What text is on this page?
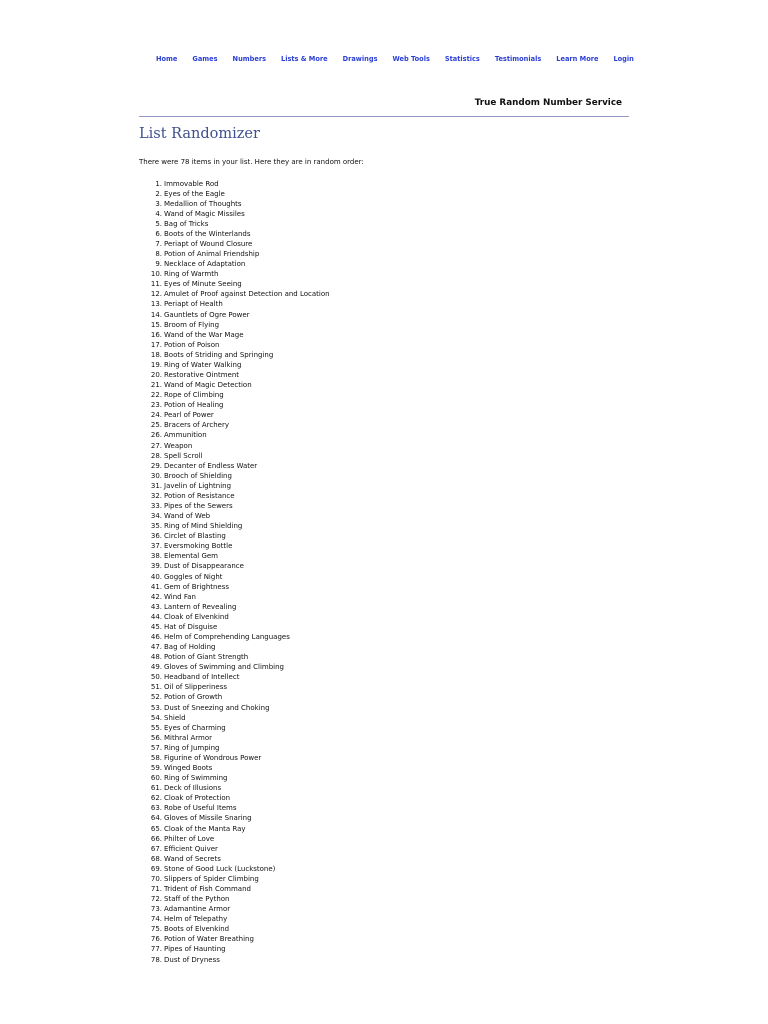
Home Games Numbers Lists & More Drawings Web Tools Statistics Testimonials Learn More Login
True Random Number Service
List Randomizer

There were 78 items in your list. Here they are in random order:

1. Immovable Rod
2. Eyes of the Eagle
3. Medallion of Thoughts
4. Wand of Magic Missiles
5. Bag of Tricks
6. Boots of the Winterlands
7. Periapt of Wound Closure
8. Potion of Animal Friendship
9. Necklace of Adaptation
10. Ring of Warmth
11. Eyes of Minute Seeing
12. Amulet of Proof against Detection and Location
13. Periapt of Health
14. Gauntlets of Ogre Power
15. Broom of Flying
16. Wand of the War Mage
17. Potion of Poison
18. Boots of Striding and Springing
19. Ring of Water Walking
20. Restorative Ointment
21. Wand of Magic Detection
22. Rope of Climbing
23. Potion of Healing
24. Pearl of Power
25. Bracers of Archery
26. Ammunition
27. Weapon
28. Spell Scroll
29. Decanter of Endless Water
30. Brooch of Shielding
31. Javelin of Lightning
32. Potion of Resistance
33. Pipes of the Sewers
34. Wand of Web
35. Ring of Mind Shielding
36. Circlet of Blasting
37. Eversmoking Bottle
38. Elemental Gem
39. Dust of Disappearance
40. Goggles of Night
41. Gem of Brightness
42. Wind Fan
43. Lantern of Revealing
44. Cloak of Elvenkind
45. Hat of Disguise
46. Helm of Comprehending Languages
47. Bag of Holding
48. Potion of Giant Strength
49. Gloves of Swimming and Climbing
50. Headband of Intellect
51. Oil of Slipperiness
52. Potion of Growth
53. Dust of Sneezing and Choking
54. Shield
55. Eyes of Charming
56. Mithral Armor
57. Ring of Jumping
58. Figurine of Wondrous Power
59. Winged Boots
60. Ring of Swimming
61. Deck of Illusions
62. Cloak of Protection
63. Robe of Useful Items
64. Gloves of Missile Snaring
65. Cloak of the Manta Ray
66. Philter of Love
67. Efficient Quiver
68. Wand of Secrets
69. Stone of Good Luck (Luckstone)
70. Slippers of Spider Climbing
71. Trident of Fish Command
72. Staff of the Python
73. Adamantine Armor
74. Helm of Telepathy
75. Boots of Elvenkind
76. Potion of Water Breathing
77. Pipes of Haunting
78. Dust of Dryness
